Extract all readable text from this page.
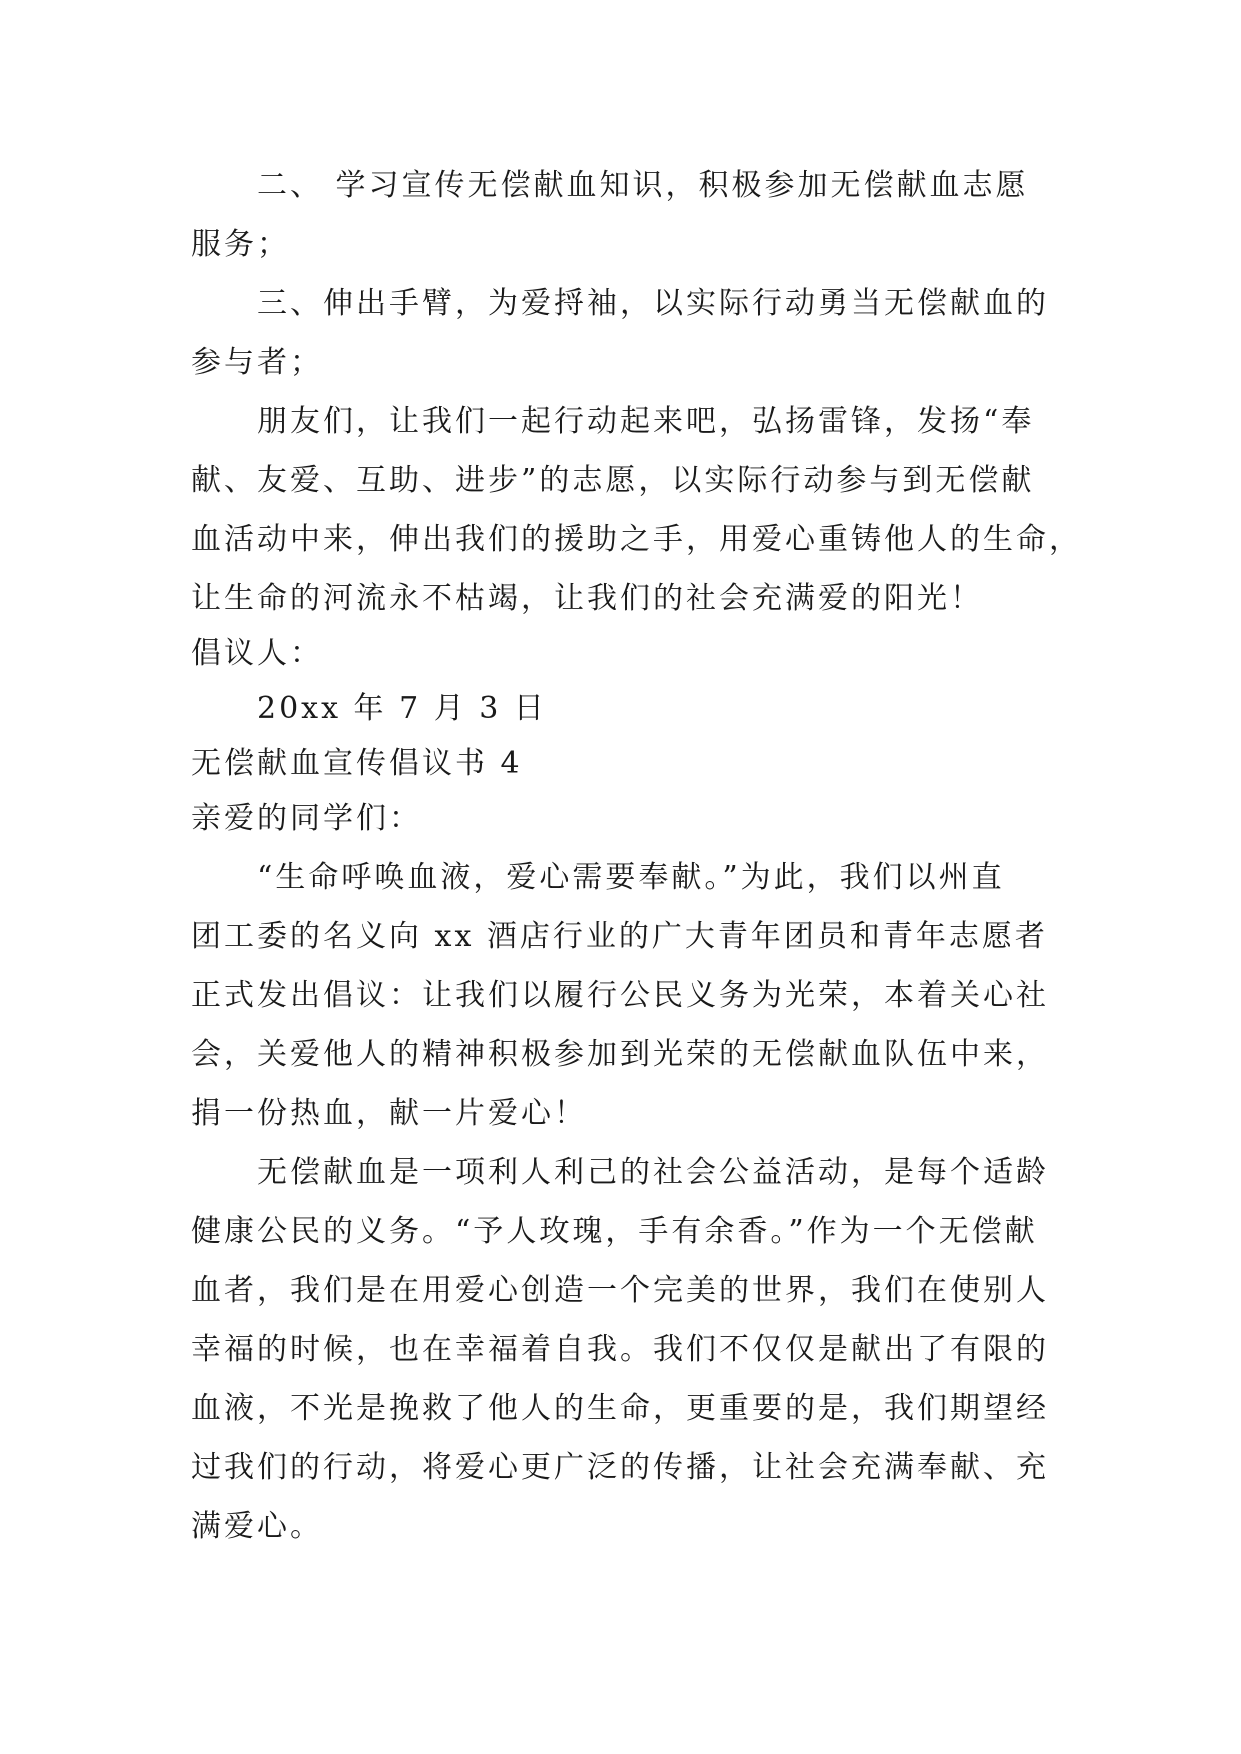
二、 学习宣传无偿献血知识，积极参加无偿献血志愿
服务；
三、伸出手臂，为爱捋袖，以实际行动勇当无偿献血的
参与者；
朋友们，让我们一起行动起来吧，弘扬雷锋，发扬“奉
献、友爱、互助、进步”的志愿，以实际行动参与到无偿献
血活动中来，伸出我们的援助之手，用爱心重铸他人的生命，
让生命的河流永不枯竭，让我们的社会充满爱的阳光！
倡议人：
20xx 年 7 月 3 日
无偿献血宣传倡议书 4
亲爱的同学们：
“生命呼唤血液，爱心需要奉献。”为此，我们以州直
团工委的名义向 xx 酒店行业的广大青年团员和青年志愿者
正式发出倡议：让我们以履行公民义务为光荣，本着关心社
会，关爱他人的精神积极参加到光荣的无偿献血队伍中来，
捐一份热血，献一片爱心！
无偿献血是一项利人利己的社会公益活动，是每个适龄
健康公民的义务。“予人玫瑰，手有余香。”作为一个无偿献
血者，我们是在用爱心创造一个完美的世界，我们在使别人
幸福的时候，也在幸福着自我。我们不仅仅是献出了有限的
血液，不光是挽救了他人的生命，更重要的是，我们期望经
过我们的行动，将爱心更广泛的传播，让社会充满奉献、充
满爱心。
